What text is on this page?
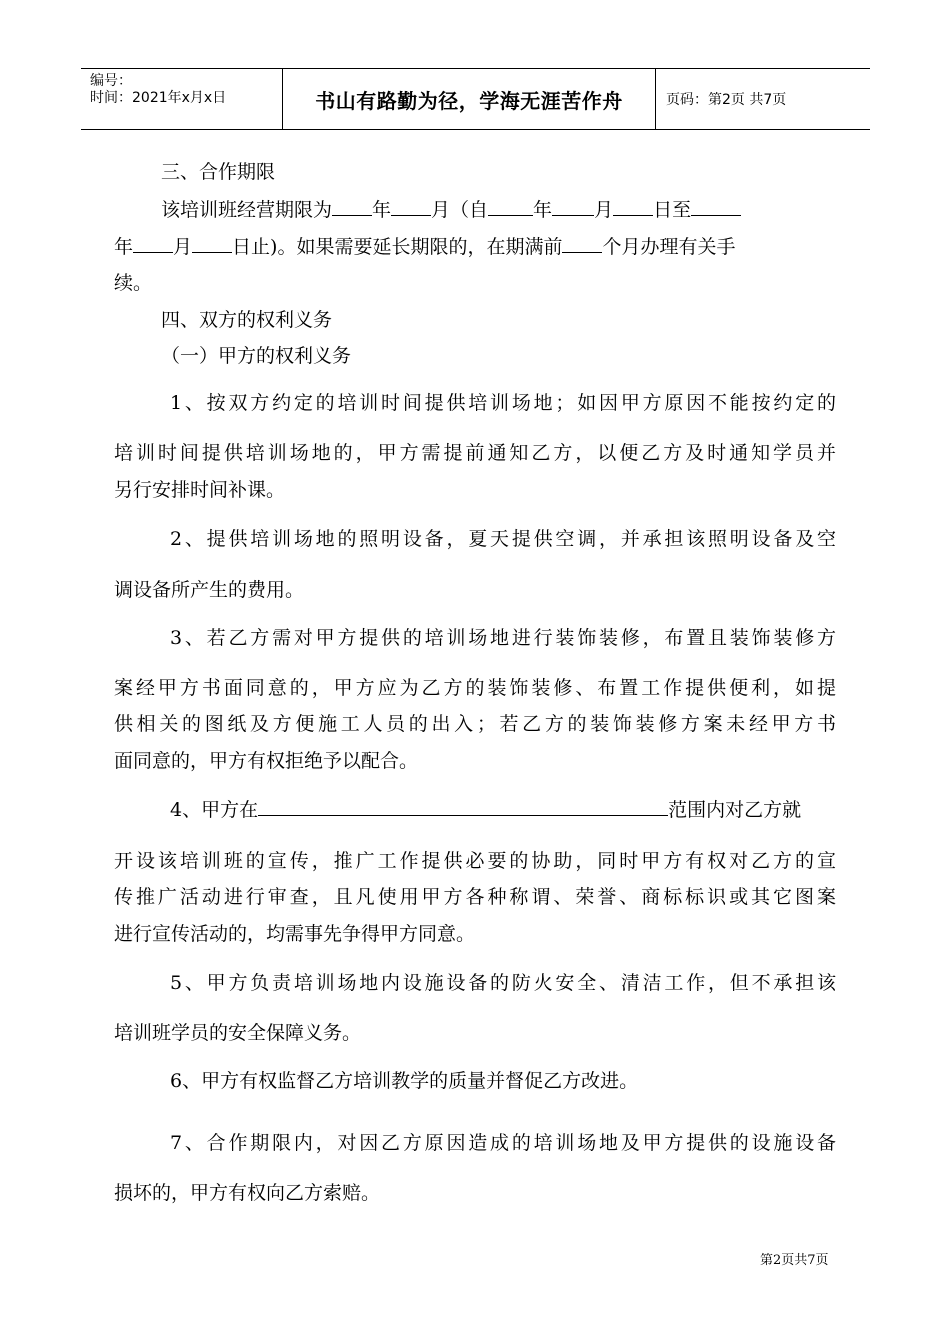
编号：
时间：2021年x月x日	书山有路勤为径，学海无涯苦作舟	页码：第2页 共7页
三、合作期限
该培训班经营期限为 年 月（自 年 月 日至
年 月 日止)。如果需要延长期限的，在期满前 个月办理有关手
续。
四、双方的权利义务
（一）甲方的权利义务
1、按双方约定的培训时间提供培训场地；如因甲方原因不能按约定的
培训时间提供培训场地的，甲方需提前通知乙方，以便乙方及时通知学员并
另行安排时间补课。
2、提供培训场地的照明设备，夏天提供空调，并承担该照明设备及空
调设备所产生的费用。
3、若乙方需对甲方提供的培训场地进行装饰装修，布置且装饰装修方
案经甲方书面同意的，甲方应为乙方的装饰装修、布置工作提供便利，如提
供相关的图纸及方便施工人员的出入；若乙方的装饰装修方案未经甲方书
面同意的，甲方有权拒绝予以配合。
4、甲方在	范围内对乙方就
开设该培训班的宣传，推广工作提供必要的协助，同时甲方有权对乙方的宣
传推广活动进行审查，且凡使用甲方各种称谓、荣誉、商标标识或其它图案
进行宣传活动的，均需事先争得甲方同意。
5、甲方负责培训场地内设施设备的防火安全、清洁工作，但不承担该
培训班学员的安全保障义务。
6、甲方有权监督乙方培训教学的质量并督促乙方改进。
7、合作期限内，对因乙方原因造成的培训场地及甲方提供的设施设备
损坏的，甲方有权向乙方索赔。
第2页共7页
